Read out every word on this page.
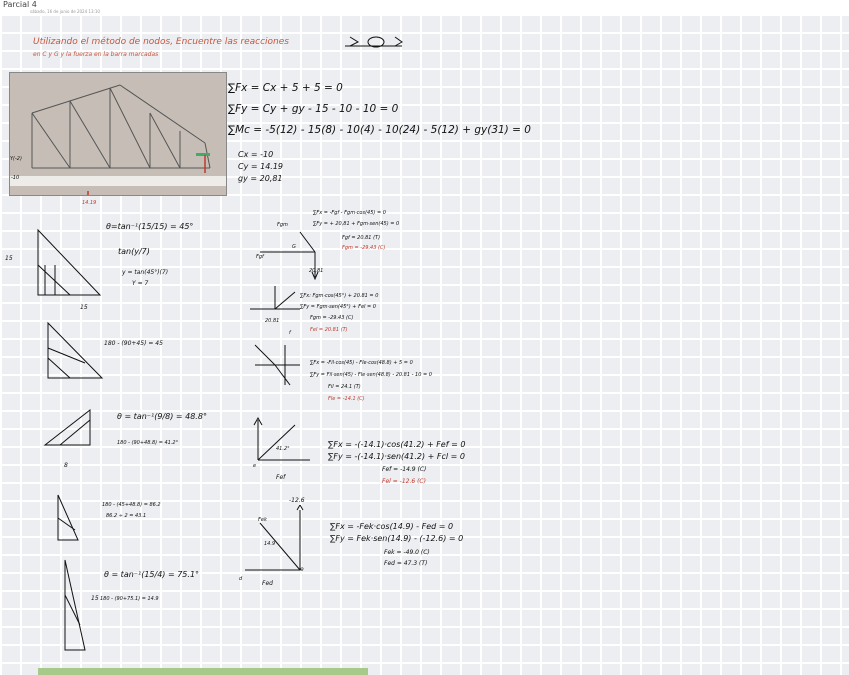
Parcial 4
sábado, 16 de junio de 2024 13:10
Utilizando el método de nodos, Encuentre las reacciones
en C y G y la fuerza en la barra marcadas
Y(-2)
-10
14.19
∑Fx = Cx + 5 + 5 = 0
∑Fy = Cy + gy - 15 - 10 - 10 = 0
∑Mc = -5(12) - 15(8) - 10(4) - 10(24) - 5(12) + gy(31) = 0
Cx = -10
Cy = 14.19
gy = 20,81
15
15
θ=tan⁻¹(15/15) = 45°
tan(y/7)
y = tan(45°)(7)
Y = 7
180 - (90+45) = 45
8
θ = tan⁻¹(9/8) = 48.8°
180 - (90+48.8) = 41.2°
180 - (45+48.8) = 86.2
86.2 ÷ 2 = 43.1
15
θ = tan⁻¹(15/4) = 75.1°
180 - (90+75.1) = 14.9
Fgm
G
Fgf
20,81
∑Fx = -Fgf - Fgm·cos(45) = 0
∑Fy = + 20,81 + Fgm·sen(45) = 0
Fgf = 20.81 (T)
Fgm = -29,43 (C)
20.81
f
∑Fx: Fgm·cos(45°) + 20.81 = 0
∑Fy = Fgm·sen(45°) + Fel = 0
Fgm = -29.43 (C)
Fel = 20.81 (T)
∑Fx = -Fil·cos(45) - Fle·cos(48.8) + 5 = 0
∑Fy = Fil·sen(45) - Fle·sen(48.8) - 20.81 - 10 = 0
Fil = 24.1 (T)
Fle = -14.1 (C)
41.2°
e
Fef
∑Fx = -(-14.1)·cos(41.2) + Fef = 0
∑Fy = -(-14.1)·sen(41.2) + Fcl = 0
Fef = -14.9 (C)
Fel = -12.6 (C)
-12.6
Fek
14.9
e
d
Fed
∑Fx = -Fek·cos(14.9) - Fed = 0
∑Fy = Fek·sen(14.9) - (-12.6) = 0
Fek = -49.0 (C)
Fed = 47.3 (T)
